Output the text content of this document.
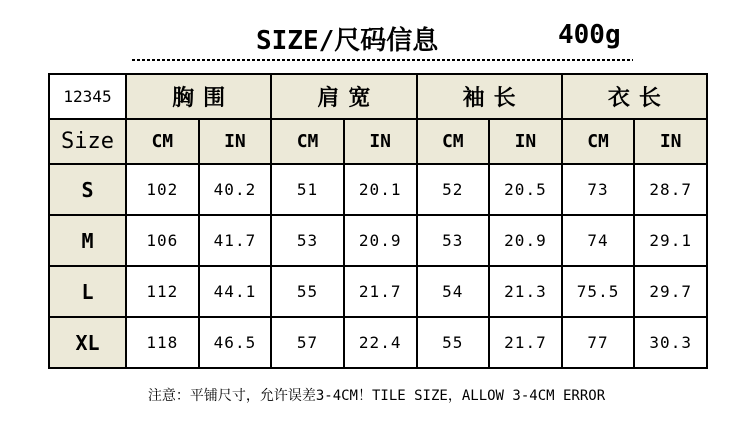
SIZE/尺码信息	400g
12345	胸围		肩宽		袖长		衣长	
Size	CM	IN	CM	IN	CM	IN	CM	IN
S	102	40.2	51	20.1	52	20.5	73	28.7
M	106	41.7	53	20.9	53	20.9	74	29.1
L	112	44.1	55	21.7	54	21.3	75.5	29.7
XL	118	46.5	57	22.4	55	21.7	77	30.3
注意：平铺尺寸，允许误差3-4CM！TILE SIZE，ALLOW 3-4CM ERROR
